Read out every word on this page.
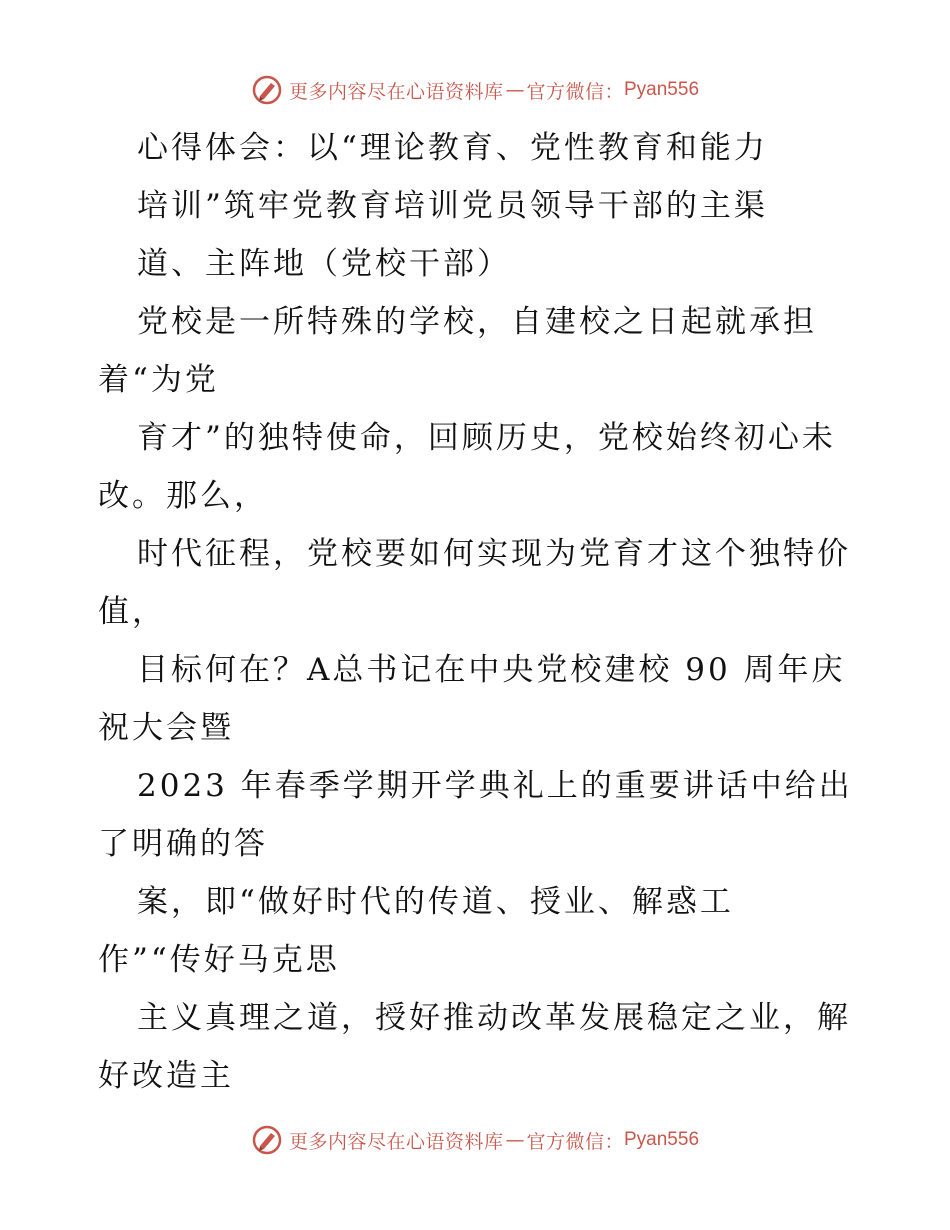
更多内容尽在心语资料库 — 官方微信： Pyan556
心得体会：以“理论教育、党性教育和能力
培训”筑牢党教育培训党员领导干部的主渠
道、主阵地（党校干部）
党校是一所特殊的学校，自建校之日起就承担
着“为党
育才”的独特使命，回顾历史，党校始终初心未
改。那么，
时代征程，党校要如何实现为党育才这个独特价
值，
目标何在？A总书记在中央党校建校 90 周年庆
祝大会暨
2023 年春季学期开学典礼上的重要讲话中给出
了明确的答
案，即“做好时代的传道、授业、解惑工
作”“传好马克思
主义真理之道，授好推动改革发展稳定之业，解
好改造主
更多内容尽在心语资料库 — 官方微信： Pyan556
